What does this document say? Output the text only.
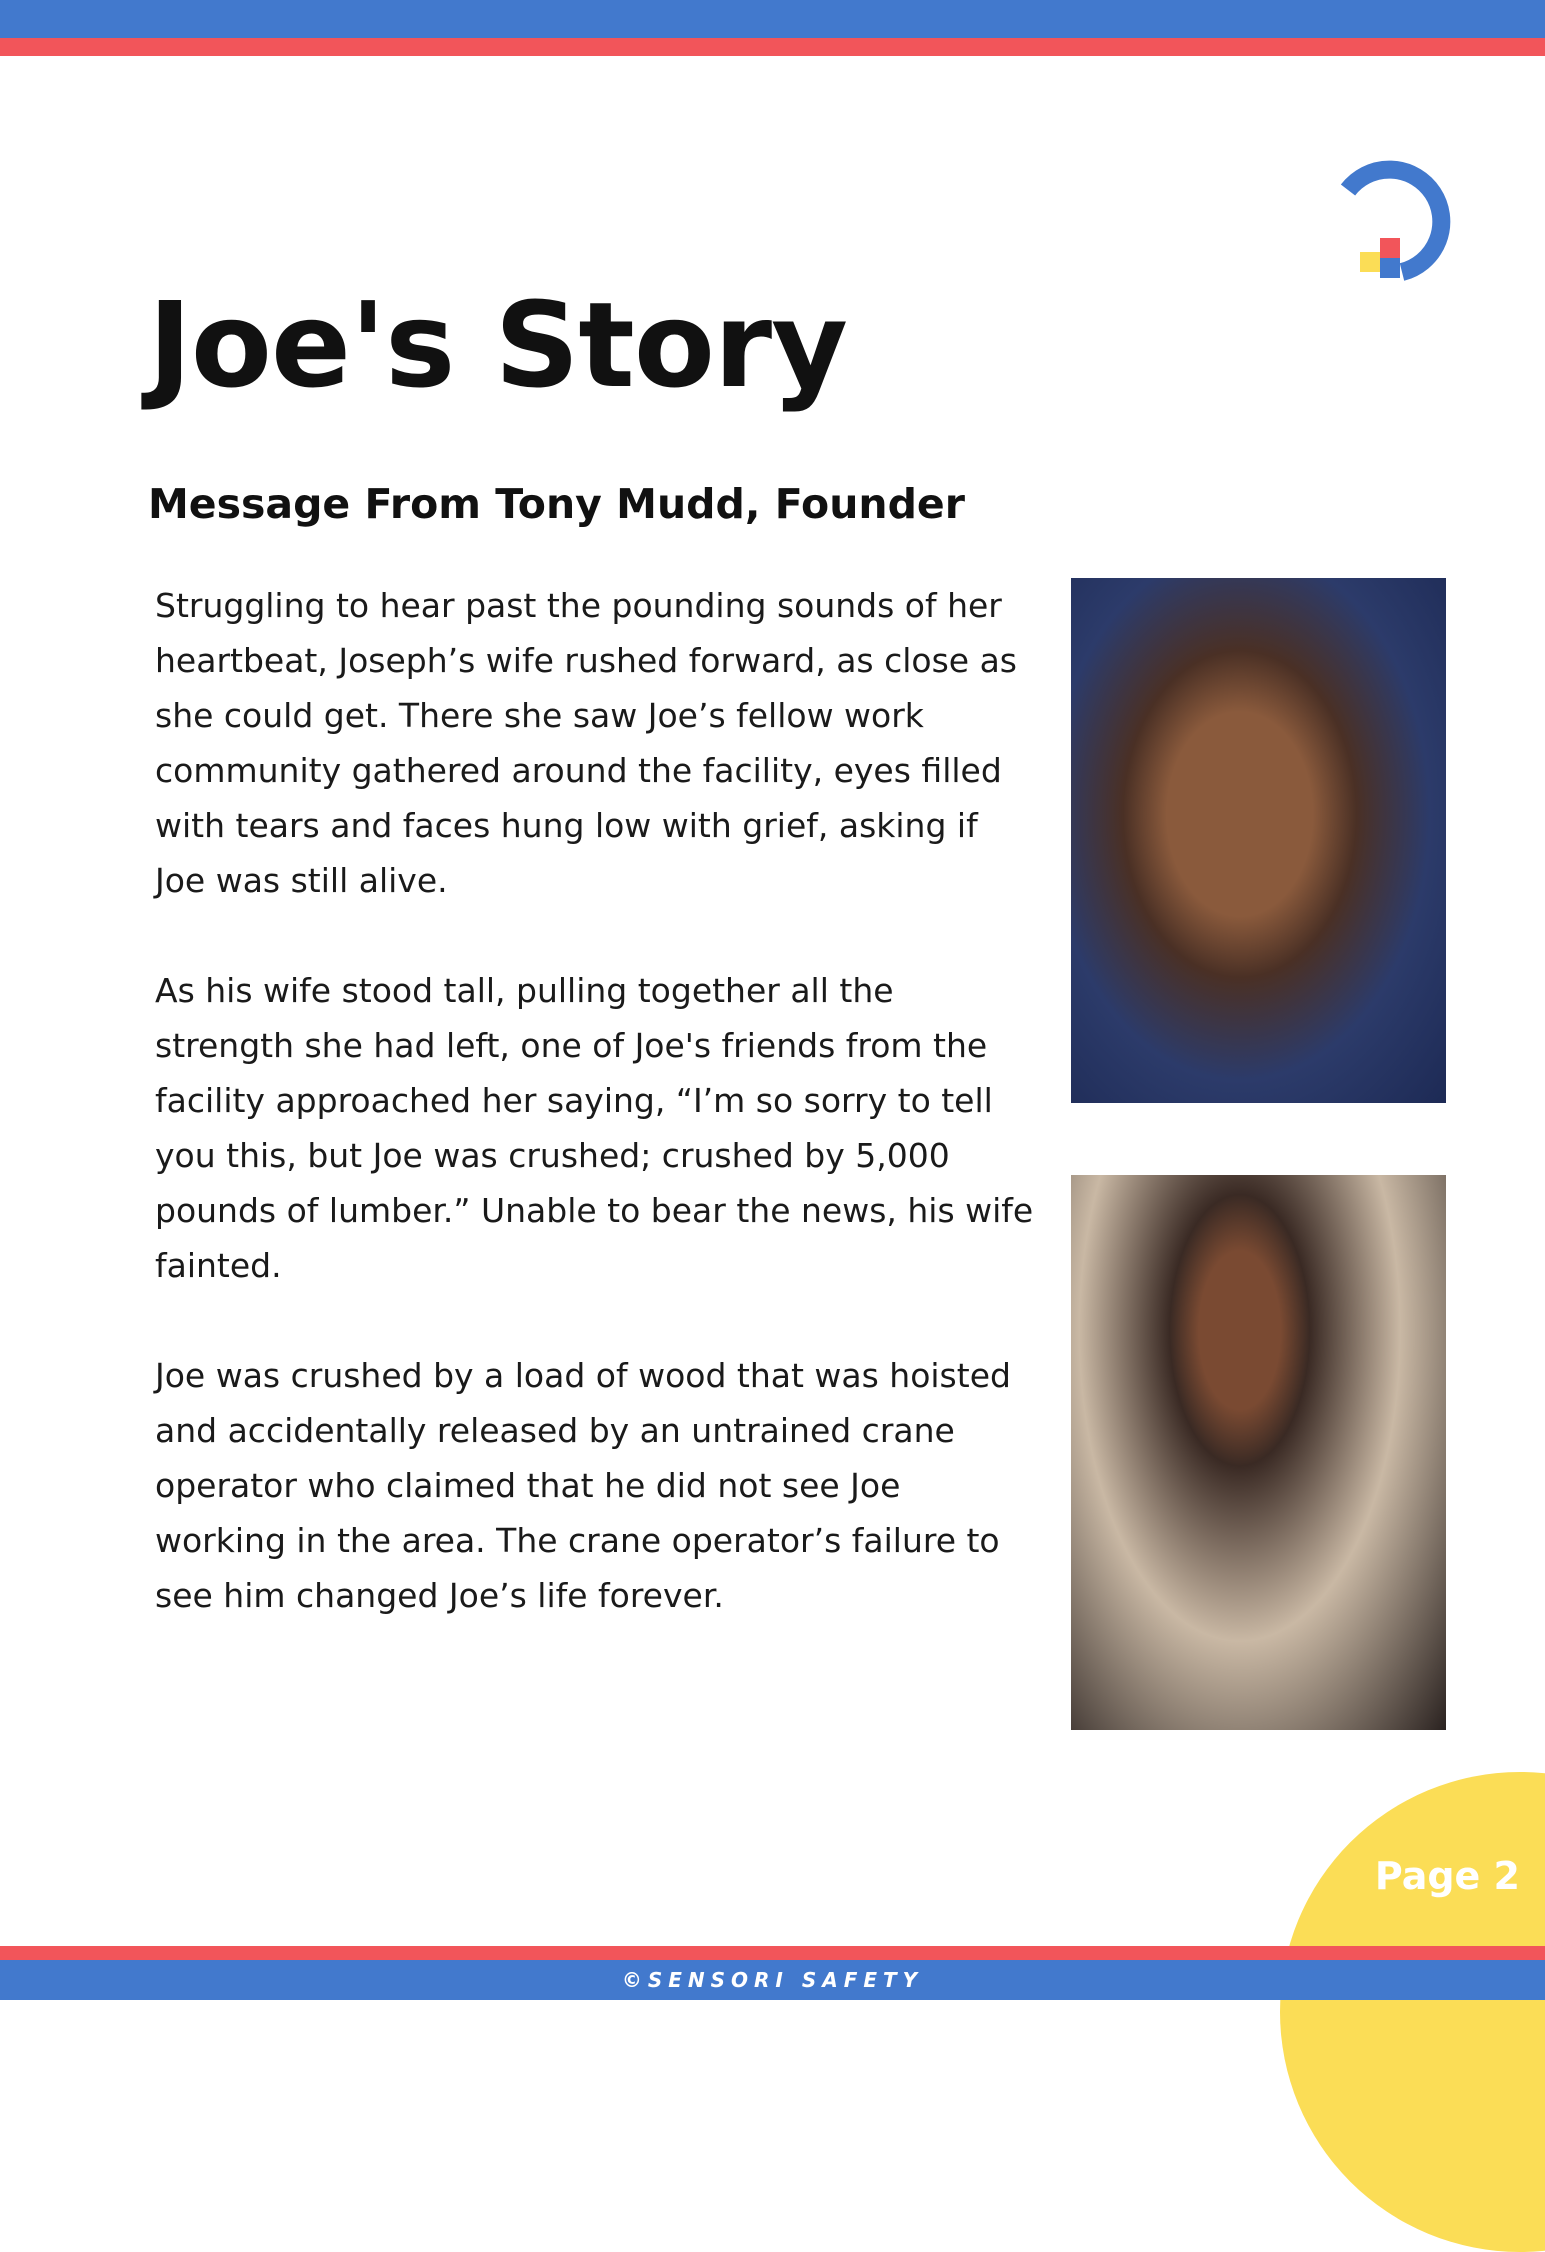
Joe's Story
Message From Tony Mudd, Founder

Struggling to hear past the pounding sounds of her heartbeat, Joseph’s wife rushed forward, as close as she could get. There she saw Joe’s fellow work community gathered around the facility, eyes filled with tears and faces hung low with grief, asking if Joe was still alive.

As his wife stood tall, pulling together all the strength she had left, one of Joe's friends from the facility approached her saying, “I’m so sorry to tell you this, but Joe was crushed; crushed by 5,000 pounds of lumber.” Unable to bear the news, his wife fainted.

Joe was crushed by a load of wood that was hoisted and accidentally released by an untrained crane operator who claimed that he did not see Joe working in the area. The crane operator’s failure to see him changed Joe’s life forever.

Page 2
©SENSORI SAFETY
